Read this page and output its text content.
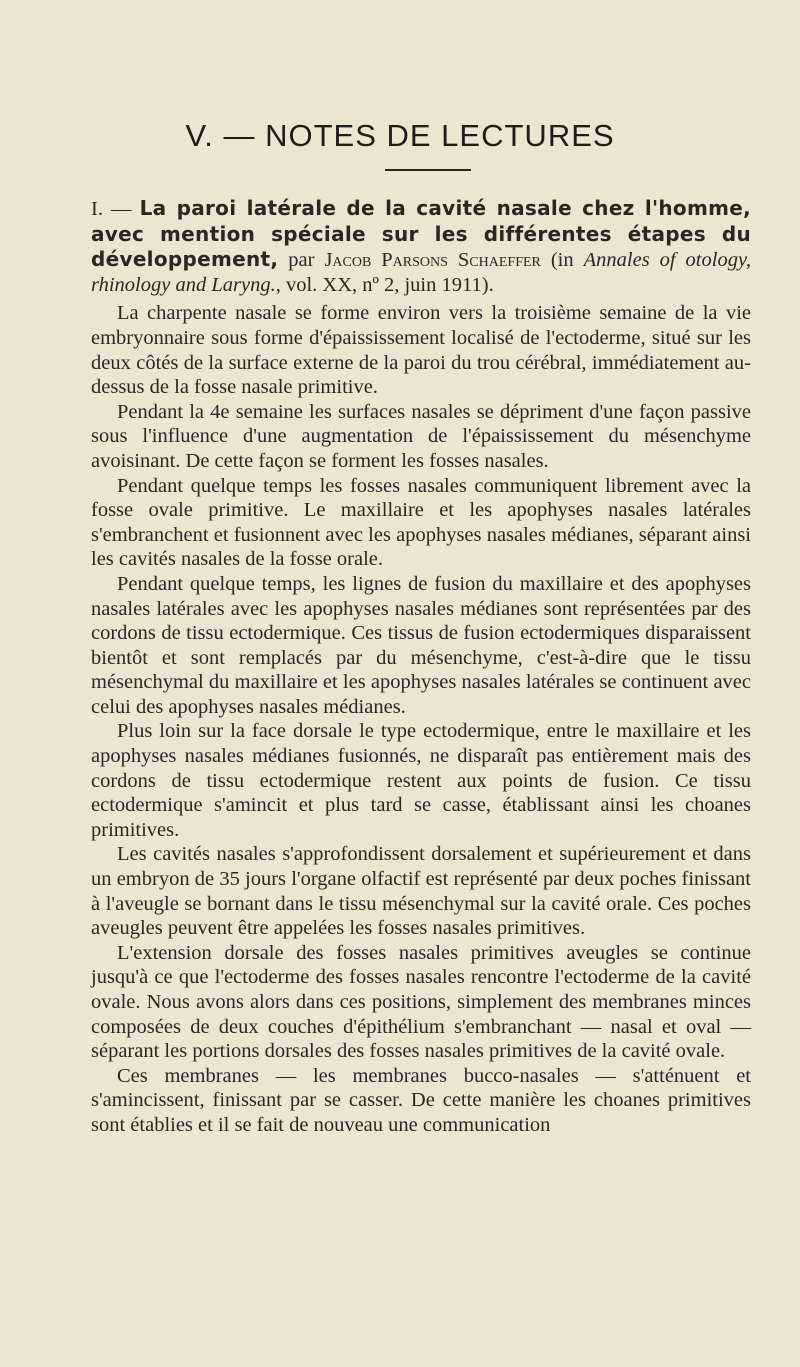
V. — NOTES DE LECTURES

I. — La paroi latérale de la cavité nasale chez l'homme, avec mention spéciale sur les différentes étapes du développement, par Jacob Parsons Schaeffer (in Annales of otology, rhinology and Laryng., vol. XX, nº 2, juin 1911).

La charpente nasale se forme environ vers la troisième semaine de la vie embryonnaire sous forme d'épaississement localisé de l'ectoderme, situé sur les deux côtés de la surface externe de la paroi du trou cérébral, immédiatement au-dessus de la fosse nasale primitive.

Pendant la 4e semaine les surfaces nasales se dépriment d'une façon passive sous l'influence d'une augmentation de l'épaississement du mésenchyme avoisinant. De cette façon se forment les fosses nasales.

Pendant quelque temps les fosses nasales communiquent librement avec la fosse ovale primitive. Le maxillaire et les apophyses nasales latérales s'embranchent et fusionnent avec les apophyses nasales médianes, séparant ainsi les cavités nasales de la fosse orale.

Pendant quelque temps, les lignes de fusion du maxillaire et des apophyses nasales latérales avec les apophyses nasales médianes sont représentées par des cordons de tissu ectodermique. Ces tissus de fusion ectodermiques disparaissent bientôt et sont remplacés par du mésenchyme, c'est-à-dire que le tissu mésenchymal du maxillaire et les apophyses nasales latérales se continuent avec celui des apophyses nasales médianes.

Plus loin sur la face dorsale le type ectodermique, entre le maxillaire et les apophyses nasales médianes fusionnés, ne disparaît pas entièrement mais des cordons de tissu ectodermique restent aux points de fusion. Ce tissu ectodermique s'amincit et plus tard se casse, établissant ainsi les choanes primitives.

Les cavités nasales s'approfondissent dorsalement et supérieurement et dans un embryon de 35 jours l'organe olfactif est représenté par deux poches finissant à l'aveugle se bornant dans le tissu mésenchymal sur la cavité orale. Ces poches aveugles peuvent être appelées les fosses nasales primitives.

L'extension dorsale des fosses nasales primitives aveugles se continue jusqu'à ce que l'ectoderme des fosses nasales rencontre l'ectoderme de la cavité ovale. Nous avons alors dans ces positions, simplement des membranes minces composées de deux couches d'épithélium s'embranchant — nasal et oval — séparant les portions dorsales des fosses nasales primitives de la cavité ovale.

Ces membranes — les membranes bucco-nasales — s'atténuent et s'amincissent, finissant par se casser. De cette manière les choanes primitives sont établies et il se fait de nouveau une communication
